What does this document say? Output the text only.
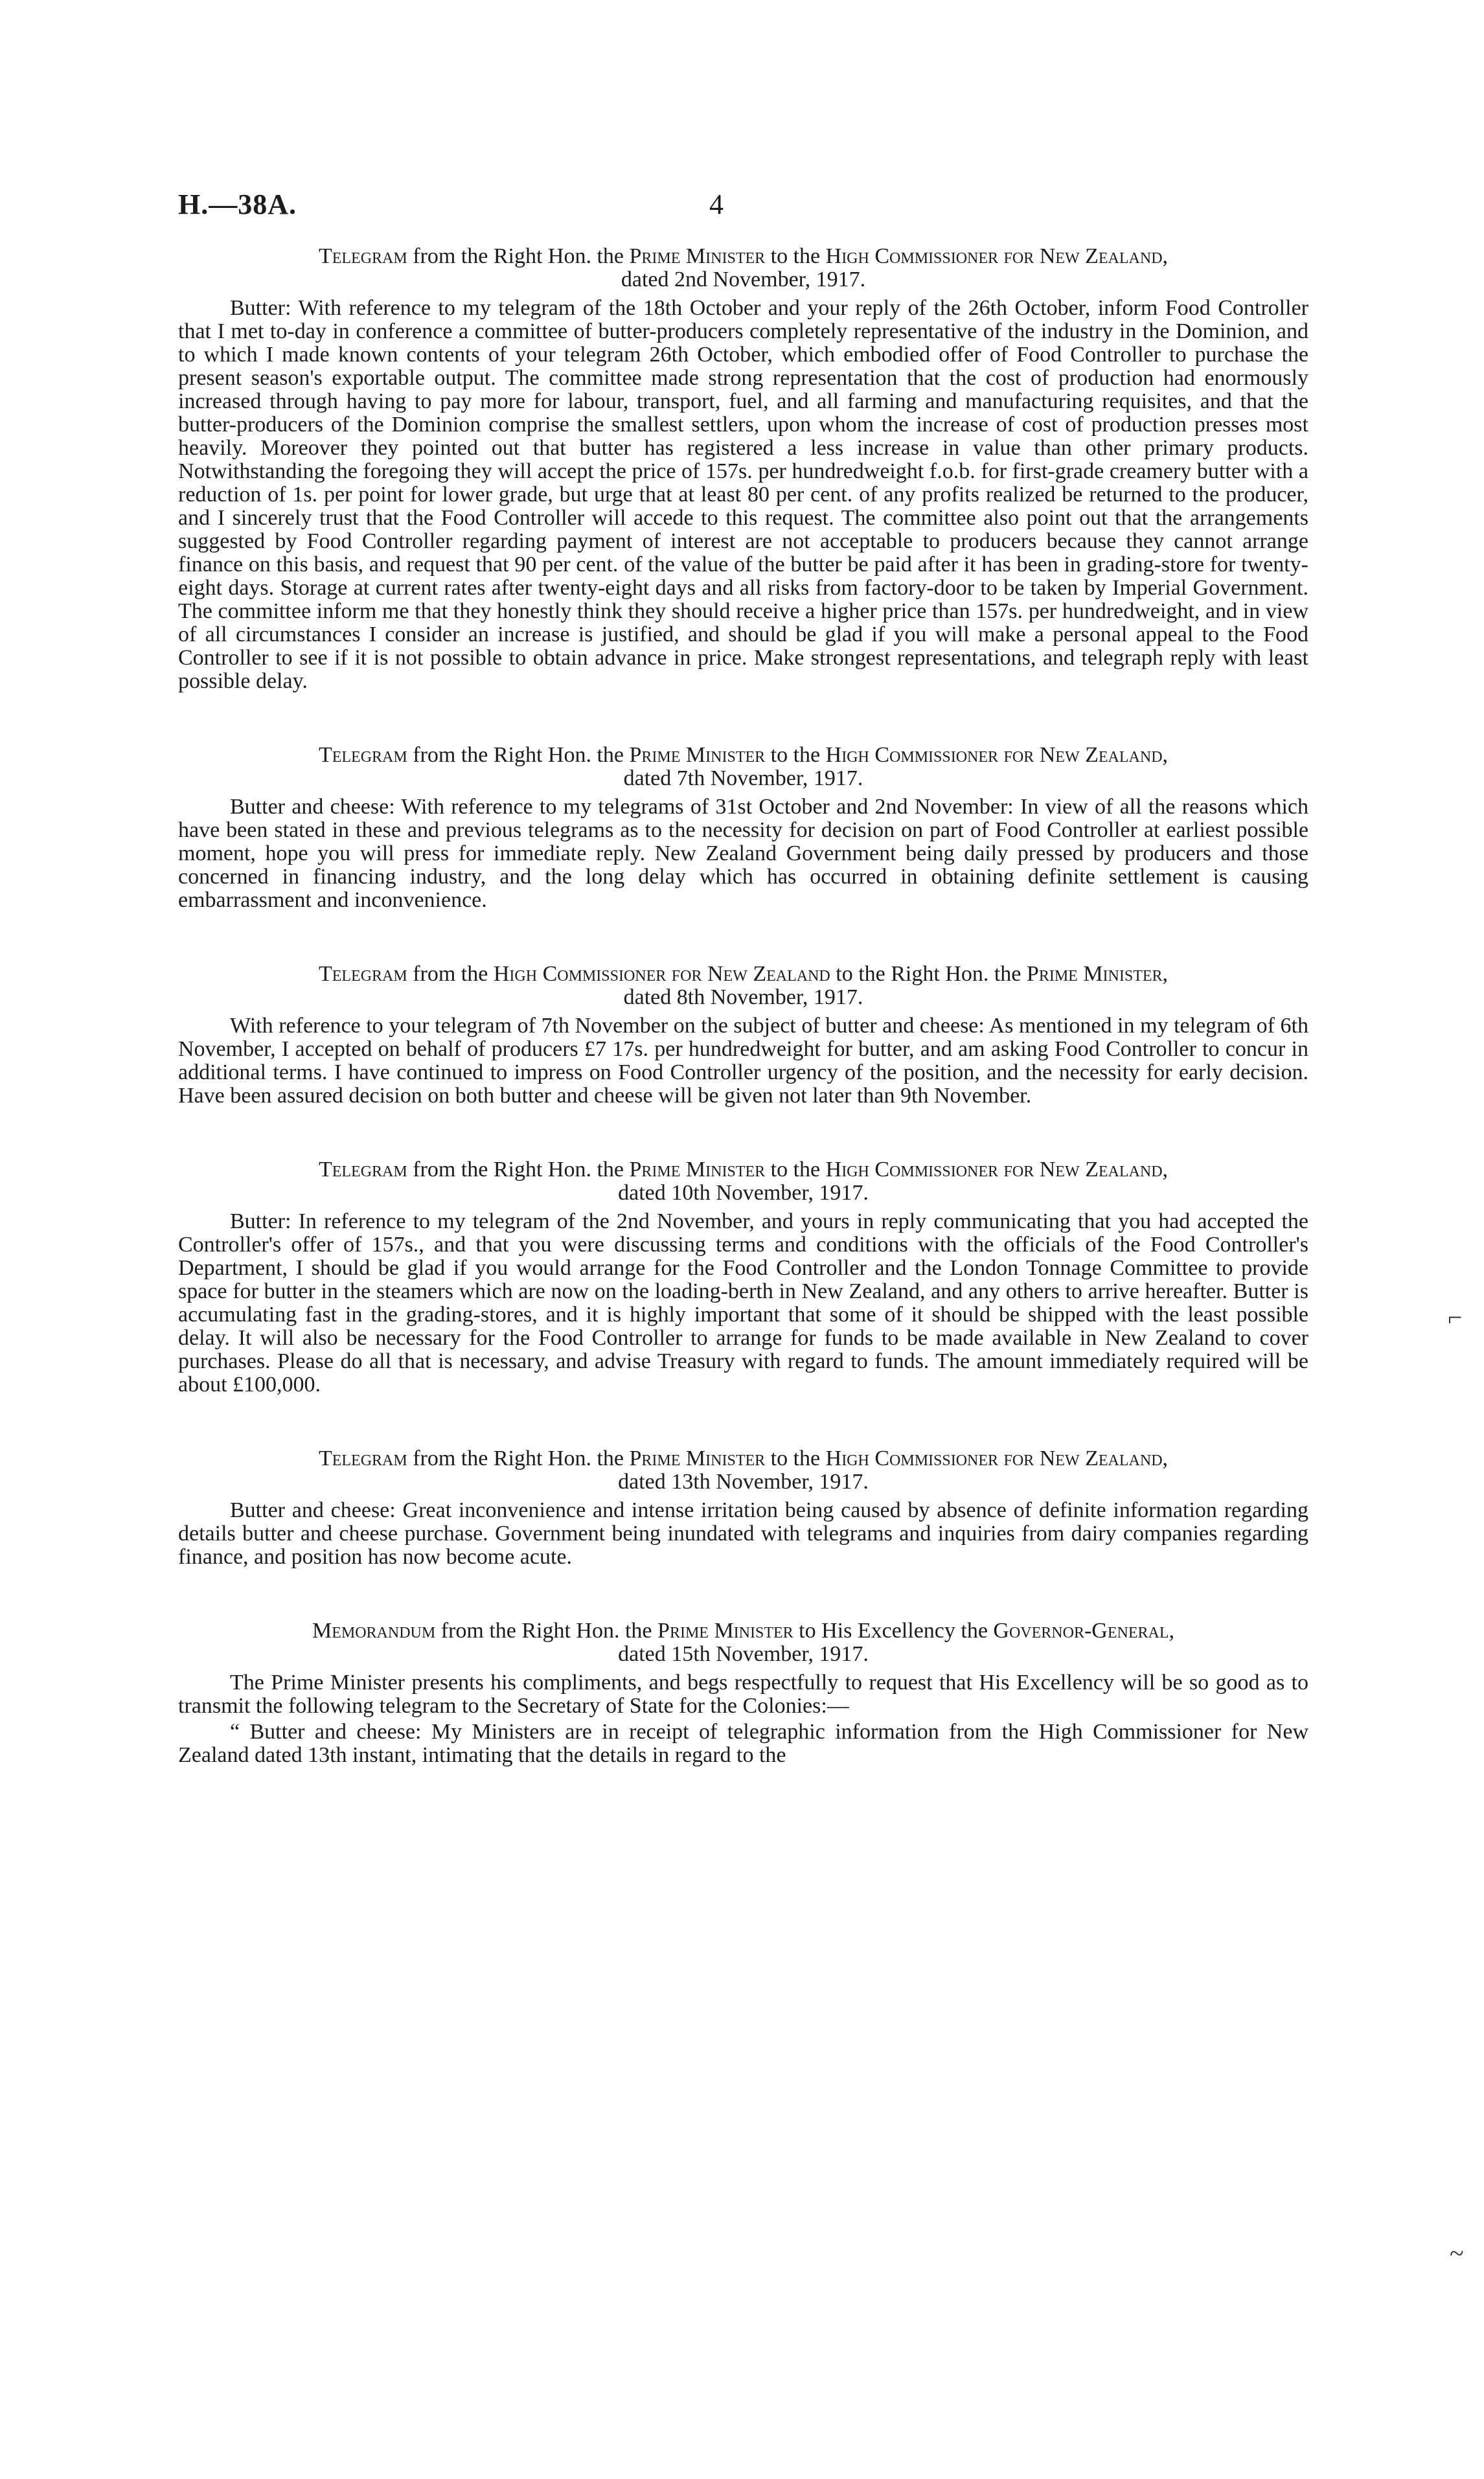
H.—38A.	4
Telegram from the Right Hon. the Prime Minister to the High Commissioner for New Zealand,
dated 2nd November, 1917.

Butter: With reference to my telegram of the 18th October and your reply of the 26th October, inform Food Controller that I met to-day in conference a committee of butter-producers completely representative of the industry in the Dominion, and to which I made known contents of your telegram 26th October, which embodied offer of Food Controller to purchase the present season's exportable output. The committee made strong representation that the cost of production had enormously increased through having to pay more for labour, transport, fuel, and all farming and manufacturing requisites, and that the butter-producers of the Dominion comprise the smallest settlers, upon whom the increase of cost of production presses most heavily. Moreover they pointed out that butter has registered a less increase in value than other primary products. Notwithstanding the foregoing they will accept the price of 157s. per hundredweight f.o.b. for first-grade creamery butter with a reduction of 1s. per point for lower grade, but urge that at least 80 per cent. of any profits realized be returned to the producer, and I sincerely trust that the Food Controller will accede to this request. The committee also point out that the arrangements suggested by Food Controller regarding payment of interest are not acceptable to producers because they cannot arrange finance on this basis, and request that 90 per cent. of the value of the butter be paid after it has been in grading-store for twenty-eight days. Storage at current rates after twenty-eight days and all risks from factory-door to be taken by Imperial Government. The committee inform me that they honestly think they should receive a higher price than 157s. per hundredweight, and in view of all circumstances I consider an increase is justified, and should be glad if you will make a personal appeal to the Food Controller to see if it is not possible to obtain advance in price. Make strongest representations, and telegraph reply with least possible delay.

Telegram from the Right Hon. the Prime Minister to the High Commissioner for New Zealand,
dated 7th November, 1917.

Butter and cheese: With reference to my telegrams of 31st October and 2nd November: In view of all the reasons which have been stated in these and previous telegrams as to the necessity for decision on part of Food Controller at earliest possible moment, hope you will press for immediate reply. New Zealand Government being daily pressed by producers and those concerned in financing industry, and the long delay which has occurred in obtaining definite settlement is causing embarrassment and inconvenience.

Telegram from the High Commissioner for New Zealand to the Right Hon. the Prime Minister,
dated 8th November, 1917.

With reference to your telegram of 7th November on the subject of butter and cheese: As mentioned in my telegram of 6th November, I accepted on behalf of producers £7 17s. per hundredweight for butter, and am asking Food Controller to concur in additional terms. I have continued to impress on Food Controller urgency of the position, and the necessity for early decision. Have been assured decision on both butter and cheese will be given not later than 9th November.

Telegram from the Right Hon. the Prime Minister to the High Commissioner for New Zealand,
dated 10th November, 1917.

Butter: In reference to my telegram of the 2nd November, and yours in reply communicating that you had accepted the Controller's offer of 157s., and that you were discussing terms and conditions with the officials of the Food Controller's Department, I should be glad if you would arrange for the Food Controller and the London Tonnage Committee to provide space for butter in the steamers which are now on the loading-berth in New Zealand, and any others to arrive hereafter. Butter is accumulating fast in the grading-stores, and it is highly important that some of it should be shipped with the least possible delay. It will also be necessary for the Food Controller to arrange for funds to be made available in New Zealand to cover purchases. Please do all that is necessary, and advise Treasury with regard to funds. The amount immediately required will be about £100,000.

Telegram from the Right Hon. the Prime Minister to the High Commissioner for New Zealand,
dated 13th November, 1917.

Butter and cheese: Great inconvenience and intense irritation being caused by absence of definite information regarding details butter and cheese purchase. Government being inundated with telegrams and inquiries from dairy companies regarding finance, and position has now become acute.

Memorandum from the Right Hon. the Prime Minister to His Excellency the Governor-General,
dated 15th November, 1917.

The Prime Minister presents his compliments, and begs respectfully to request that His Excellency will be so good as to transmit the following telegram to the Secretary of State for the Colonies:—

“ Butter and cheese: My Ministers are in receipt of telegraphic information from the High Commissioner for New Zealand dated 13th instant, intimating that the details in regard to the

⌐
~
